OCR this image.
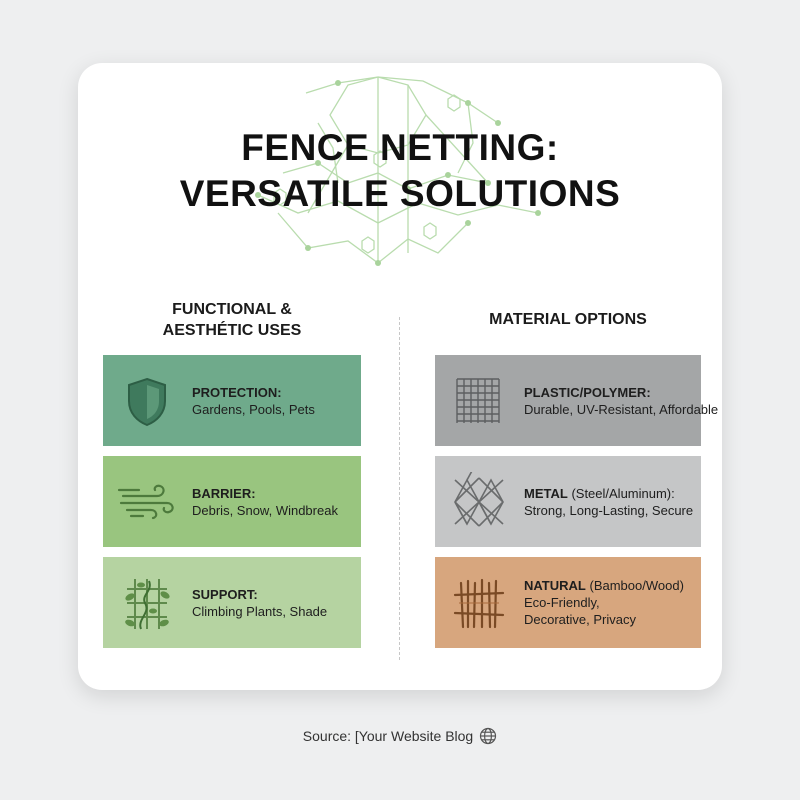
FENCE NETTING:
VERSATILE SOLUTIONS
FUNCTIONAL &
AESTHÉTIC USES
MATERIAL OPTIONS
PROTECTION:
Gardens, Pools, Pets
BARRIER:
Debris, Snow, Windbreak
SUPPORT:
Climbing Plants, Shade
PLASTIC/POLYMER:
Durable, UV-Resistant, Affordable
METAL (Steel/Aluminum):
Strong, Long-Lasting, Secure
NATURAL (Bamboo/Wood)
Eco-Friendly,
Decorative, Privacy
Source: [Your Website Blog
